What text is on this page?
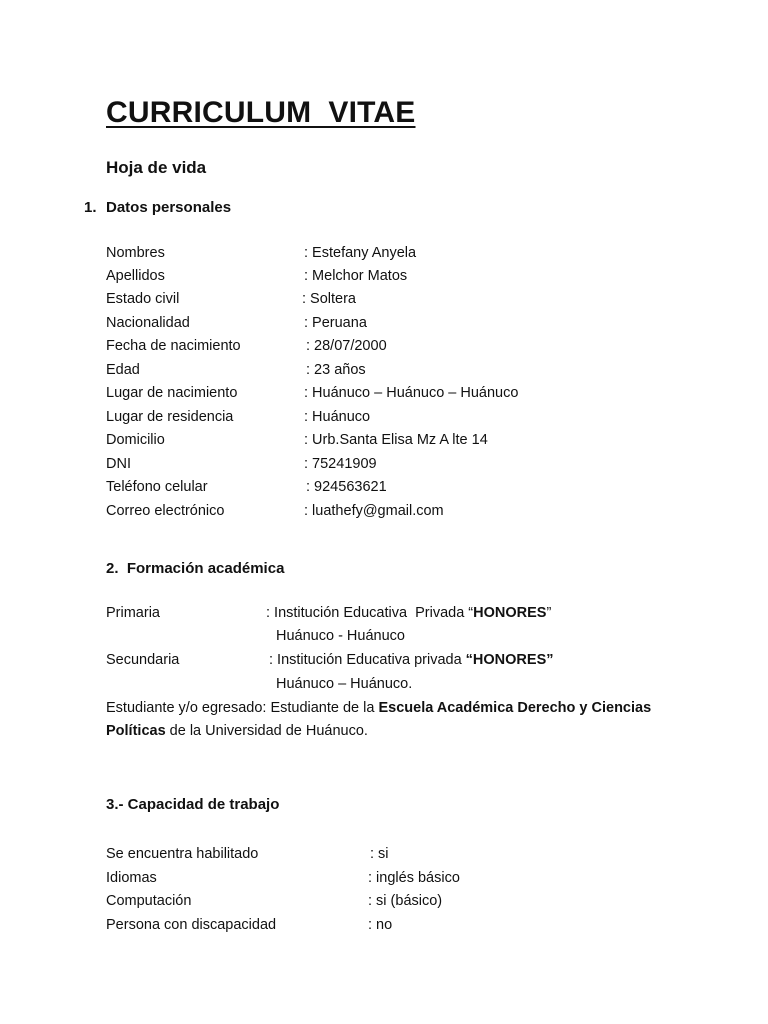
CURRICULUM  VITAE
Hoja de vida
1. Datos personales
Nombres	: Estefany Anyela
Apellidos	: Melchor Matos
Estado civil	: Soltera
Nacionalidad	: Peruana
Fecha de nacimiento	: 28/07/2000
Edad	: 23 años
Lugar de nacimiento	: Huánuco – Huánuco – Huánuco
Lugar de residencia	: Huánuco
Domicilio	: Urb.Santa Elisa Mz A lte 14
DNI	: 75241909
Teléfono celular	: 924563621
Correo electrónico	: luathefy@gmail.com
2.  Formación académica
Primaria	: Institución Educativa  Privada “HONORES”
Huánuco - Huánuco
Secundaria	: Institución Educativa privada “HONORES”
Huánuco – Huánuco.
Estudiante y/o egresado: Estudiante de la Escuela Académica Derecho y Ciencias
Políticas de la Universidad de Huánuco.
3.- Capacidad de trabajo
Se encuentra habilitado	: si
Idiomas	: inglés básico
Computación	: si (básico)
Persona con discapacidad	: no
